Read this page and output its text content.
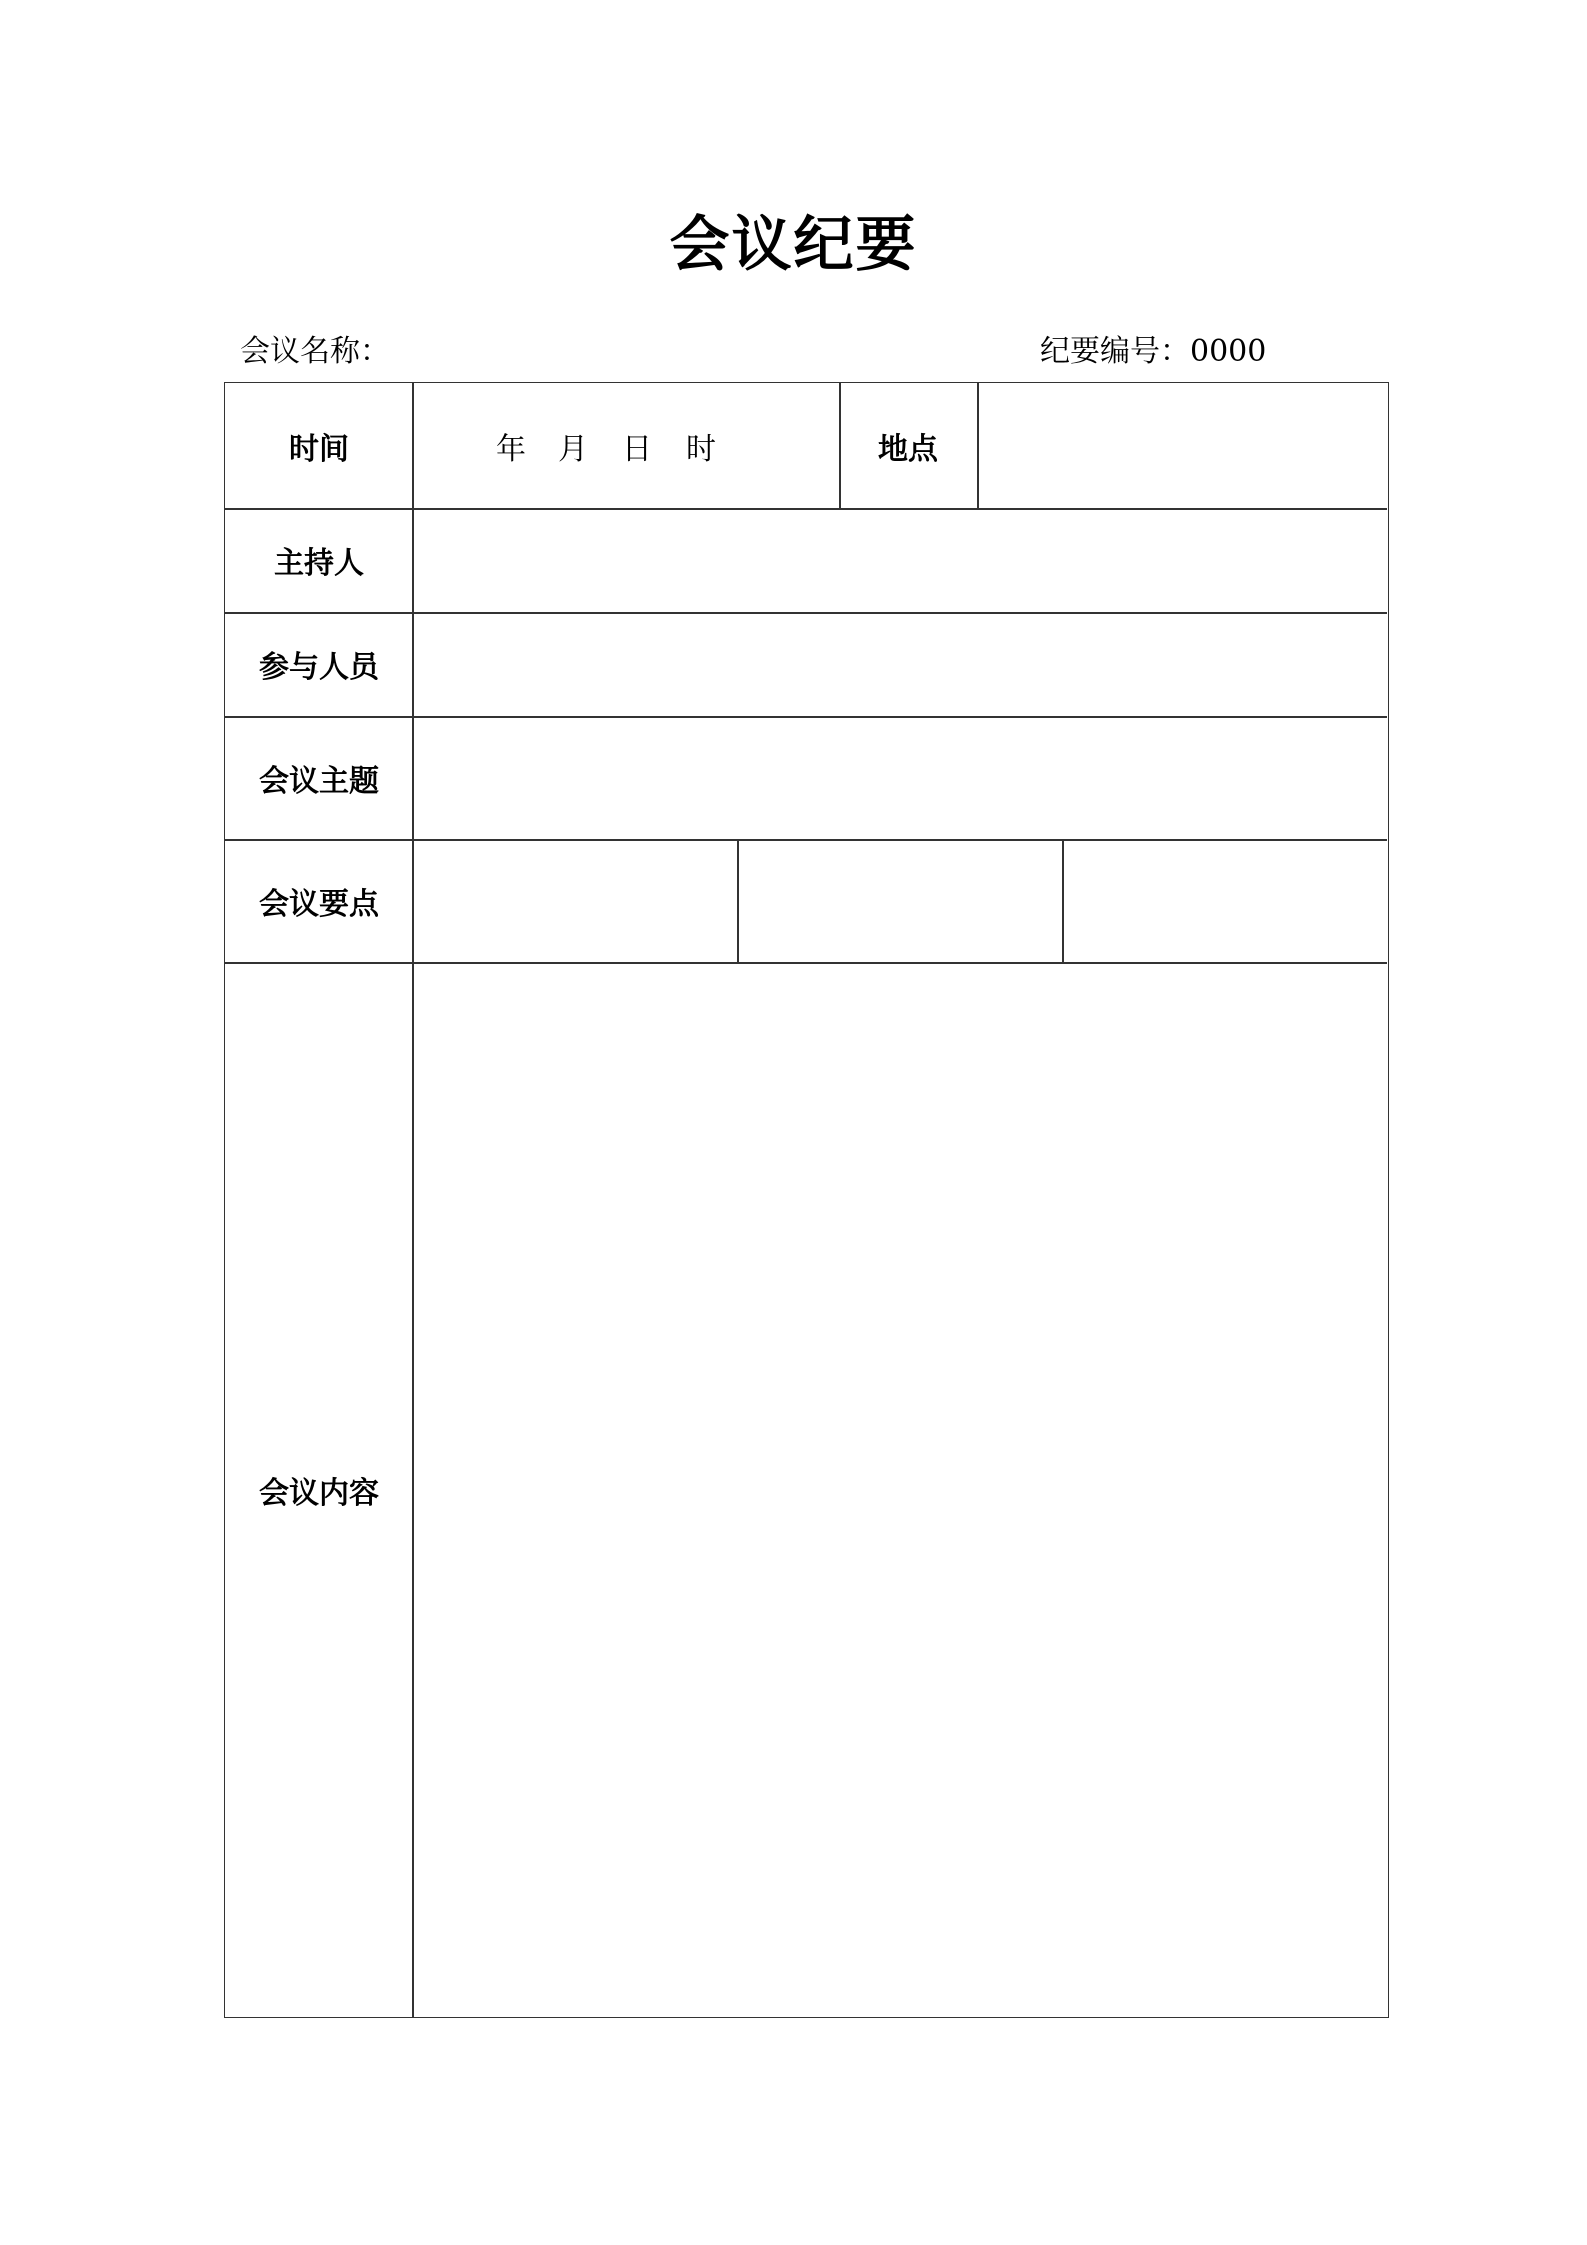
会议纪要
会议名称：	纪要编号：0000
时间	年 月 日 时	地点
主持人
参与人员
会议主题
会议要点
会议内容
